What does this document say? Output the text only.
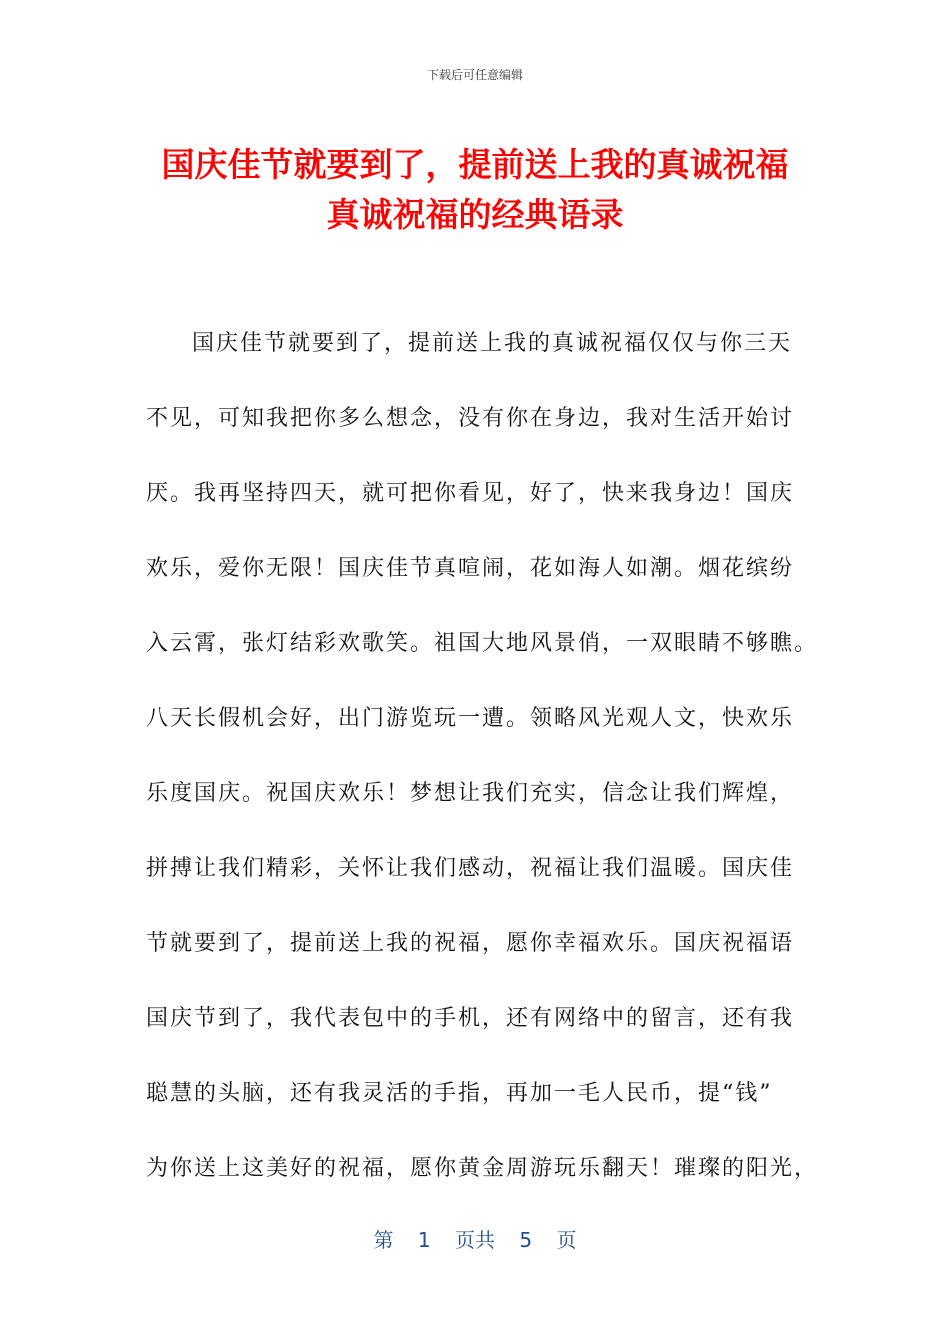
下载后可任意编辑
国庆佳节就要到了，提前送上我的真诚祝福
真诚祝福的经典语录
国庆佳节就要到了，提前送上我的真诚祝福仅仅与你三天
不见，可知我把你多么想念，没有你在身边，我对生活开始讨
厌。我再坚持四天，就可把你看见，好了，快来我身边！国庆
欢乐，爱你无限！国庆佳节真喧闹，花如海人如潮。烟花缤纷
入云霄，张灯结彩欢歌笑。祖国大地风景俏，一双眼睛不够瞧。
八天长假机会好，出门游览玩一遭。领略风光观人文，快欢乐
乐度国庆。祝国庆欢乐！梦想让我们充实，信念让我们辉煌，
拼搏让我们精彩，关怀让我们感动，祝福让我们温暖。国庆佳
节就要到了，提前送上我的祝福，愿你幸福欢乐。国庆祝福语
国庆节到了，我代表包中的手机，还有网络中的留言，还有我
聪慧的头脑，还有我灵活的手指，再加一毛人民币，提“钱”
为你送上这美好的祝福，愿你黄金周游玩乐翻天！璀璨的阳光，
第 1 页共 5 页
